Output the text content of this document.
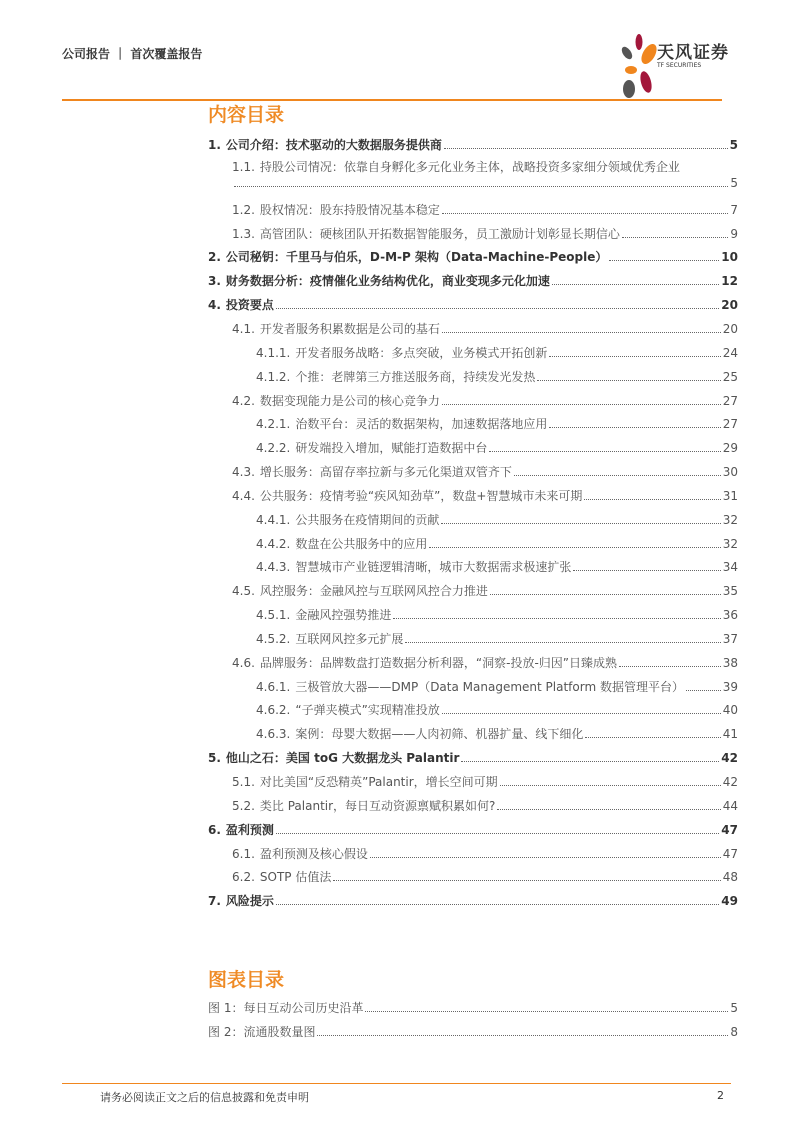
公司报告 ｜ 首次覆盖报告	天风证券
TF SECURITIES
内容目录
1. 公司介绍：技术驱动的大数据服务提供商	5
1.1. 持股公司情况：依靠自身孵化多元化业务主体，战略投资多家细分领域优秀企业
5
1.2. 股权情况：股东持股情况基本稳定	7
1.3. 高管团队：硬核团队开拓数据智能服务，员工激励计划彰显长期信心	9
2. 公司秘钥：千里马与伯乐，D-M-P 架构（Data-Machine-People）	10
3. 财务数据分析：疫情催化业务结构优化，商业变现多元化加速	12
4. 投资要点	20
4.1. 开发者服务积累数据是公司的基石	20
4.1.1. 开发者服务战略：多点突破，业务模式开拓创新	24
4.1.2. 个推：老牌第三方推送服务商，持续发光发热	25
4.2. 数据变现能力是公司的核心竞争力	27
4.2.1. 治数平台：灵活的数据架构，加速数据落地应用	27
4.2.2. 研发端投入增加，赋能打造数据中台	29
4.3. 增长服务：高留存率拉新与多元化渠道双管齐下	30
4.4. 公共服务：疫情考验“疾风知劲草”，数盘+智慧城市未来可期	31
4.4.1. 公共服务在疫情期间的贡献	32
4.4.2. 数盘在公共服务中的应用	32
4.4.3. 智慧城市产业链逻辑清晰，城市大数据需求极速扩张	34
4.5. 风控服务：金融风控与互联网风控合力推进	35
4.5.1. 金融风控强势推进	36
4.5.2. 互联网风控多元扩展	37
4.6. 品牌服务：品牌数盘打造数据分析利器，“洞察-投放-归因”日臻成熟	38
4.6.1. 三极管放大器——DMP（Data Management Platform 数据管理平台）	39
4.6.2. “子弹夹模式”实现精准投放	40
4.6.3. 案例：母婴大数据——人肉初筛、机器扩量、线下细化	41
5. 他山之石：美国 toG 大数据龙头 Palantir	42
5.1. 对比美国“反恐精英”Palantir，增长空间可期	42
5.2. 类比 Palantir，每日互动资源禀赋积累如何?	44
6. 盈利预测	47
6.1. 盈利预测及核心假设	47
6.2. SOTP 估值法	48
7. 风险提示	49
图表目录
图 1：每日互动公司历史沿革	5
图 2：流通股数量图	8
请务必阅读正文之后的信息披露和免责申明	2
